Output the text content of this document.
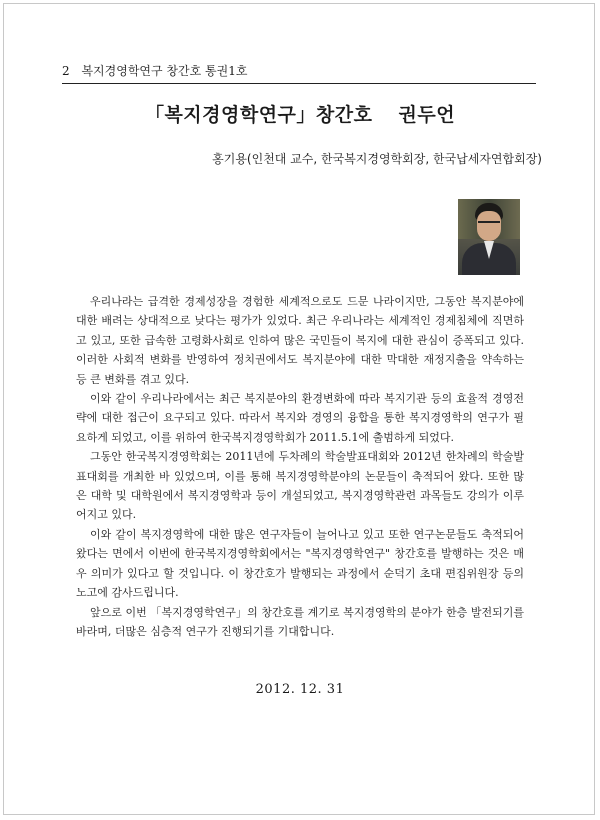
2 복지경영학연구 창간호 통권1호
「복지경영학연구」창간호 권두언
홍기용(인천대 교수, 한국복지경영학회장, 한국납세자연합회장)

우리나라는 급격한 경제성장을 경험한 세계적으로도 드문 나라이지만, 그동안 복지분야에 대한 배려는 상대적으로 낮다는 평가가 있었다. 최근 우리나라는 세계적인 경제침체에 직면하고 있고, 또한 급속한 고령화사회로 인하여 많은 국민들이 복지에 대한 관심이 증폭되고 있다. 이러한 사회적 변화를 반영하여 정치권에서도 복지분야에 대한 막대한 재정지출을 약속하는 등 큰 변화를 겪고 있다.

이와 같이 우리나라에서는 최근 복지분야의 환경변화에 따라 복지기관 등의 효율적 경영전략에 대한 접근이 요구되고 있다. 따라서 복지와 경영의 융합을 통한 복지경영학의 연구가 필요하게 되었고, 이를 위하여 한국복지경영학회가 2011.5.1에 출범하게 되었다.

그동안 한국복지경영학회는 2011년에 두차례의 학술발표대회와 2012년 한차례의 학술발표대회를 개최한 바 있었으며, 이를 통해 복지경영학분야의 논문들이 축적되어 왔다. 또한 많은 대학 및 대학원에서 복지경영학과 등이 개설되었고, 복지경영학관련 과목들도 강의가 이루어지고 있다.

이와 같이 복지경영학에 대한 많은 연구자들이 늘어나고 있고 또한 연구논문들도 축적되어 왔다는 면에서 이번에 한국복지경영학회에서는 "복지경영학연구" 창간호를 발행하는 것은 매우 의미가 있다고 할 것입니다. 이 창간호가 발행되는 과정에서 순덕기 초대 편집위원장 등의 노고에 감사드립니다.

앞으로 이번 「복지경영학연구」의 창간호를 계기로 복지경영학의 분야가 한층 발전되기를 바라며, 더많은 심층적 연구가 진행되기를 기대합니다.

2012. 12. 31
